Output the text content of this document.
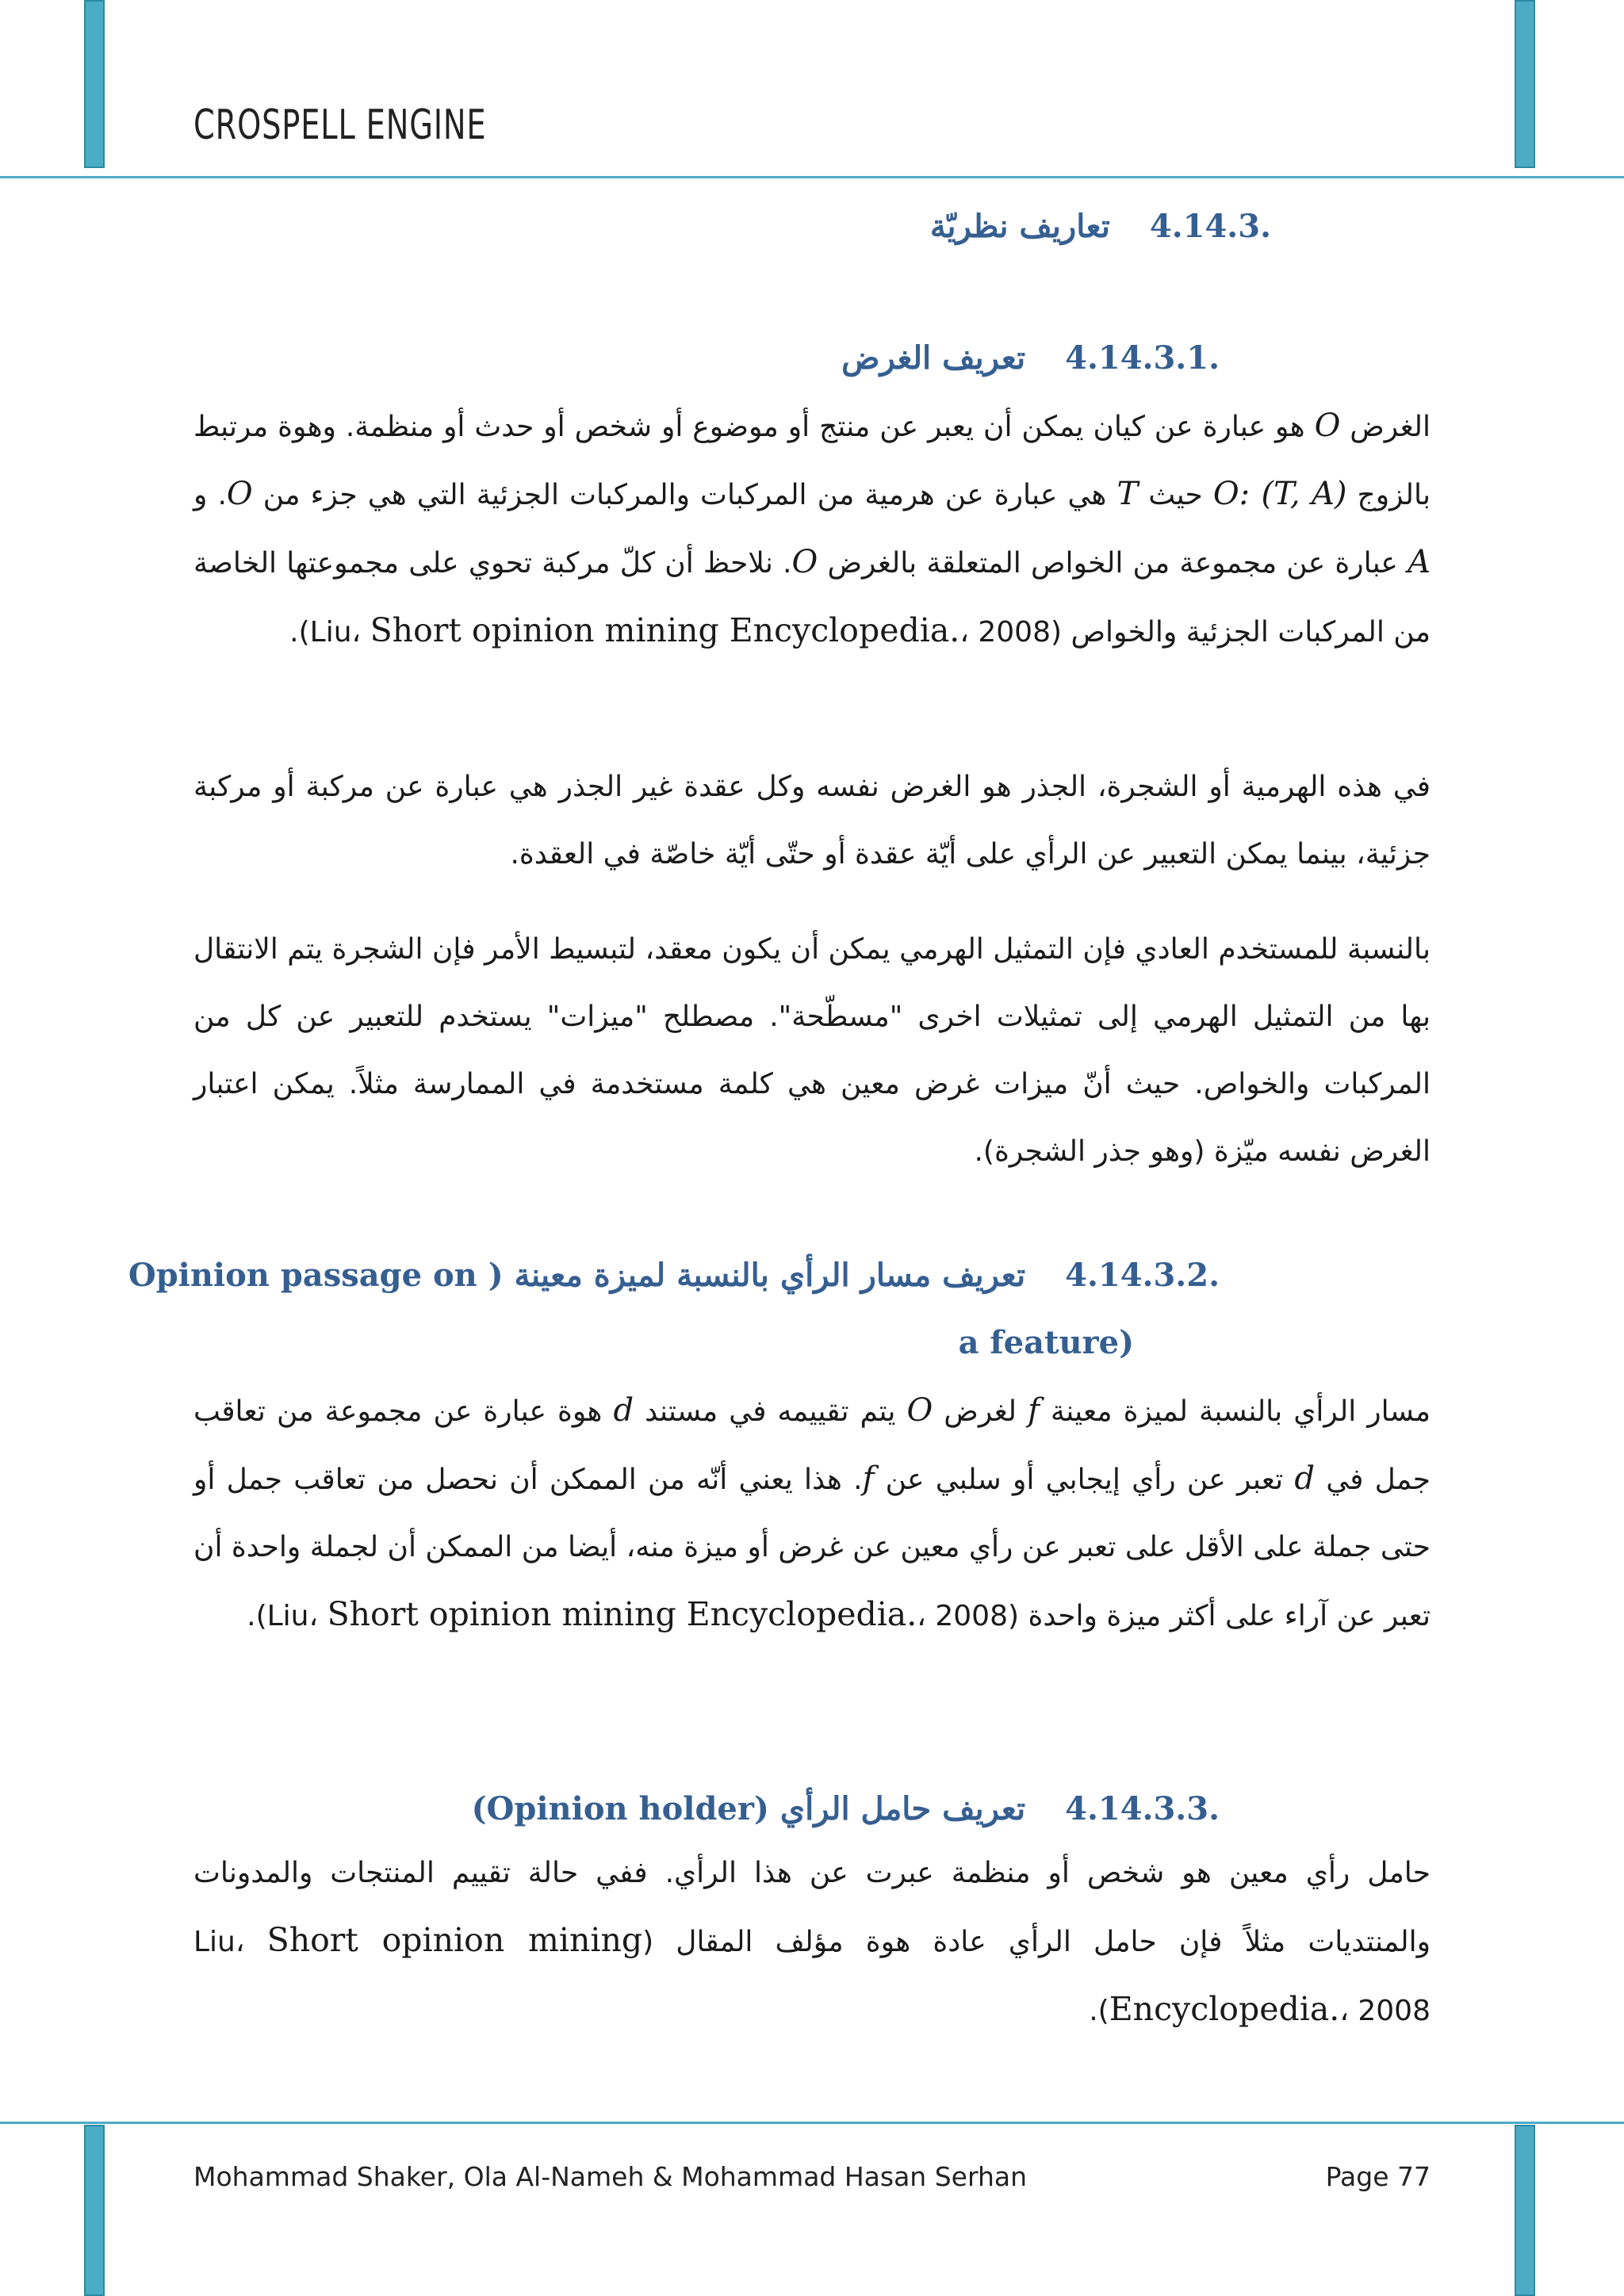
CROSPELL ENGINE
.4.14.3تعاريف نظريّة
.4.14.3.1تعريف الغرض

الغرض O هو عبارة عن كيان يمكن أن يعبر عن منتج أو موضوع أو شخص أو حدث أو منظمة. وهوة مرتبط بالزوج O: (T, A) حيث T هي عبارة عن هرمية من المركبات والمركبات الجزئية التي هي جزء من O. و A عبارة عن مجموعة من الخواص المتعلقة بالغرض O. نلاحظ أن كلّ مركبة تحوي على مجموعتها الخاصة من المركبات الجزئية والخواص (Liu، Short opinion mining Encyclopedia.، 2008).

في هذه الهرمية أو الشجرة، الجذر هو الغرض نفسه وكل عقدة غير الجذر هي عبارة عن مركبة أو مركبة جزئية، بينما يمكن التعبير عن الرأي على أيّة عقدة أو حتّى أيّة خاصّة في العقدة.

بالنسبة للمستخدم العادي فإن التمثيل الهرمي يمكن أن يكون معقد، لتبسيط الأمر فإن الشجرة يتم الانتقال بها من التمثيل الهرمي إلى تمثيلات اخرى "مسطّحة". مصطلح "ميزات" يستخدم للتعبير عن كل من المركبات والخواص. حيث أنّ ميزات غرض معين هي كلمة مستخدمة في الممارسة مثلاً. يمكن اعتبار الغرض نفسه ميّزة (وهو جذر الشجرة).

.4.14.3.2تعريف مسار الرأي بالنسبة لميزة معينة ( Opinion passage on
a feature)

مسار الرأي بالنسبة لميزة معينة f لغرض O يتم تقييمه في مستند d هوة عبارة عن مجموعة من تعاقب جمل في d تعبر عن رأي إيجابي أو سلبي عن f. هذا يعني أنّه من الممكن أن نحصل من تعاقب جمل أو حتى جملة على الأقل على تعبر عن رأي معين عن غرض أو ميزة منه، أيضا من الممكن أن لجملة واحدة أن تعبر عن آراء على أكثر ميزة واحدة (Liu، Short opinion mining Encyclopedia.، 2008).

.4.14.3.3تعريف حامل الرأي (Opinion holder)

حامل رأي معين هو شخص أو منظمة عبرت عن هذا الرأي. ففي حالة تقييم المنتجات والمدونات والمنتديات مثلاً فإن حامل الرأي عادة هوة مؤلف المقال (Liu، Short opinion mining Encyclopedia.، 2008).

Mohammad Shaker, Ola Al-Nameh & Mohammad Hasan Serhan	Page 77
